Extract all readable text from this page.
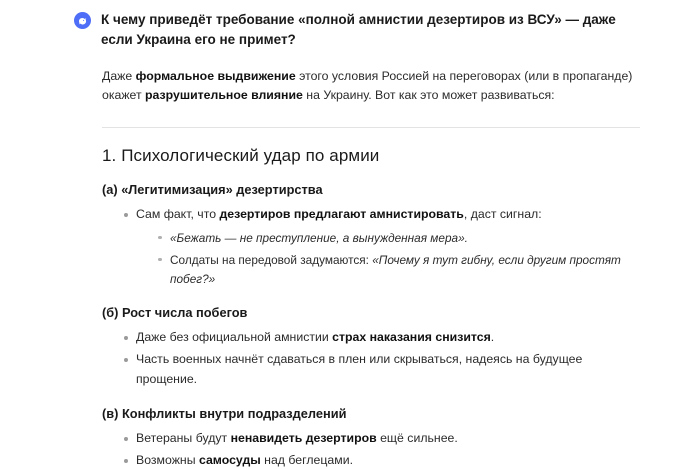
К чему приведёт требование «полной амнистии дезертиров из ВСУ» — даже если Украина его не примет?

Даже формальное выдвижение этого условия Россией на переговорах (или в пропаганде) окажет разрушительное влияние на Украину. Вот как это может развиваться:

1. Психологический удар по армии
(а) «Легитимизация» дезертирства
Сам факт, что дезертиров предлагают амнистировать, даст сигнал:
«Бежать — не преступление, а вынужденная мера».
Солдаты на передовой задумаются: «Почему я тут гибну, если другим простят побег?»
(б) Рост числа побегов
Даже без официальной амнистии страх наказания снизится.
Часть военных начнёт сдаваться в плен или скрываться, надеясь на будущее прощение.
(в) Конфликты внутри подразделений
Ветераны будут ненавидеть дезертиров ещё сильнее.
Возможны самосуды над беглецами.
